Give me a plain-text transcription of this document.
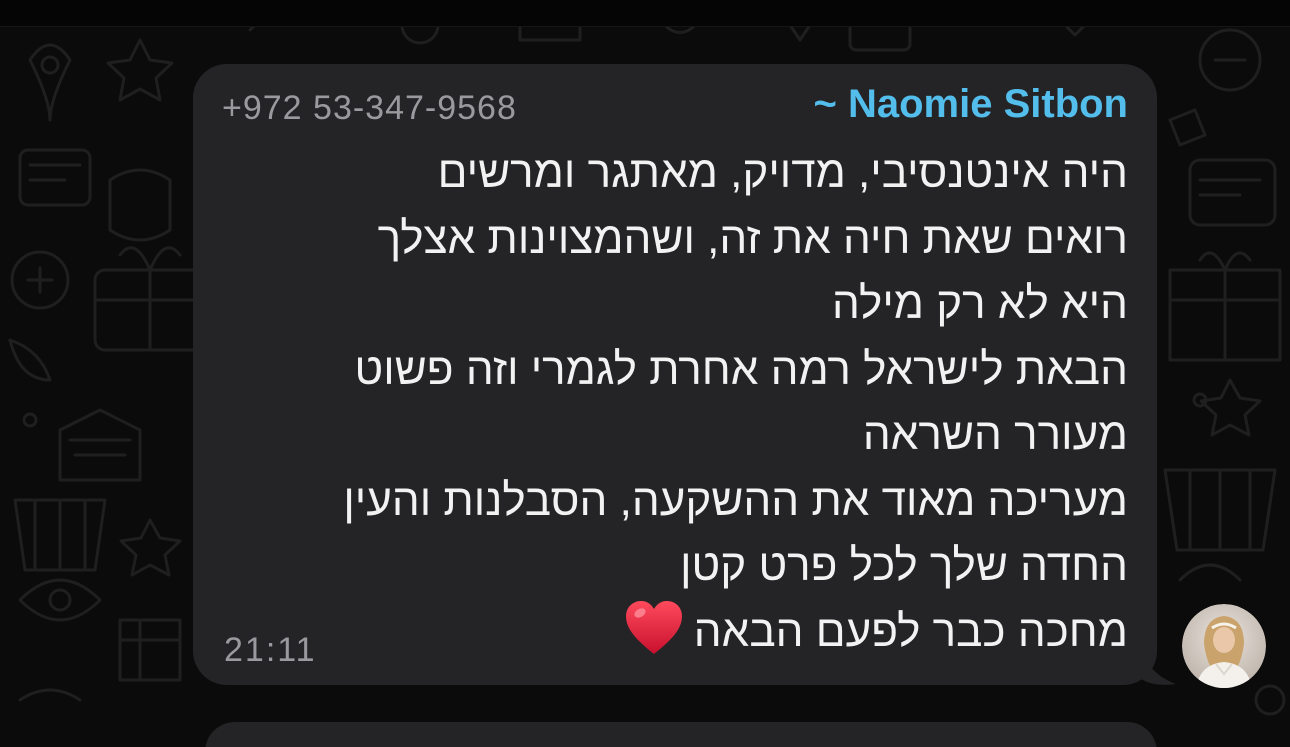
~ Naomie Sitbon
+972 53-347-9568
היה אינטנסיבי, מדויק, מאתגר ומרשים
רואים שאת חיה את זה, ושהמצוינות אצלך
היא לא רק מילה
הבאת לישראל רמה אחרת לגמרי וזה פשוט
מעורר השראה
מעריכה מאוד את ההשקעה, הסבלנות והעין
החדה שלך לכל פרט קטן
מחכה כבר לפעם הבאה
21:11
